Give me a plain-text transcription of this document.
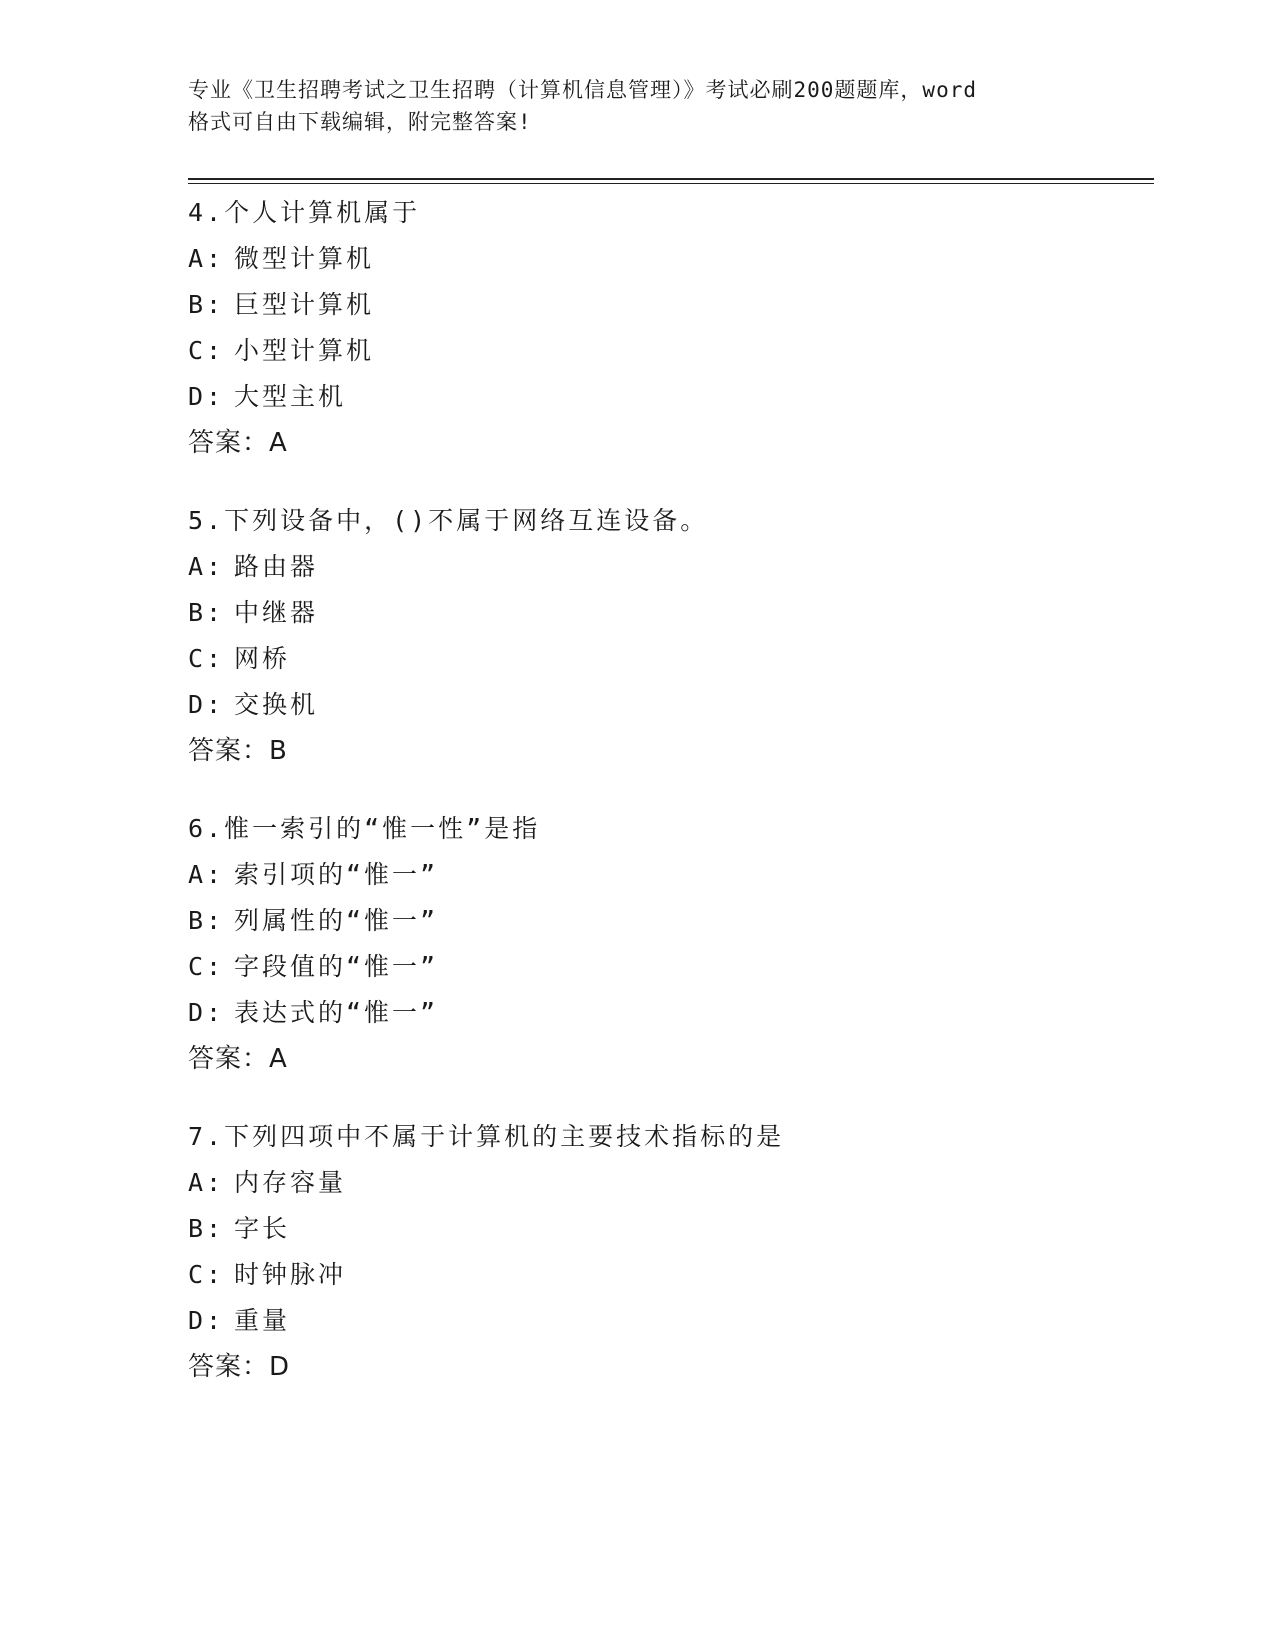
专业《卫生招聘考试之卫生招聘（计算机信息管理）》考试必刷200题题库，word
格式可自由下载编辑，附完整答案!
4.个人计算机属于
A: 微型计算机
B: 巨型计算机
C: 小型计算机
D: 大型主机
答案：A
5.下列设备中，()不属于网络互连设备。
A: 路由器
B: 中继器
C: 网桥
D: 交换机
答案：B
6.惟一索引的“惟一性”是指
A: 索引项的“惟一”
B: 列属性的“惟一”
C: 字段值的“惟一”
D: 表达式的“惟一”
答案：A
7.下列四项中不属于计算机的主要技术指标的是
A: 内存容量
B: 字长
C: 时钟脉冲
D: 重量
答案：D
